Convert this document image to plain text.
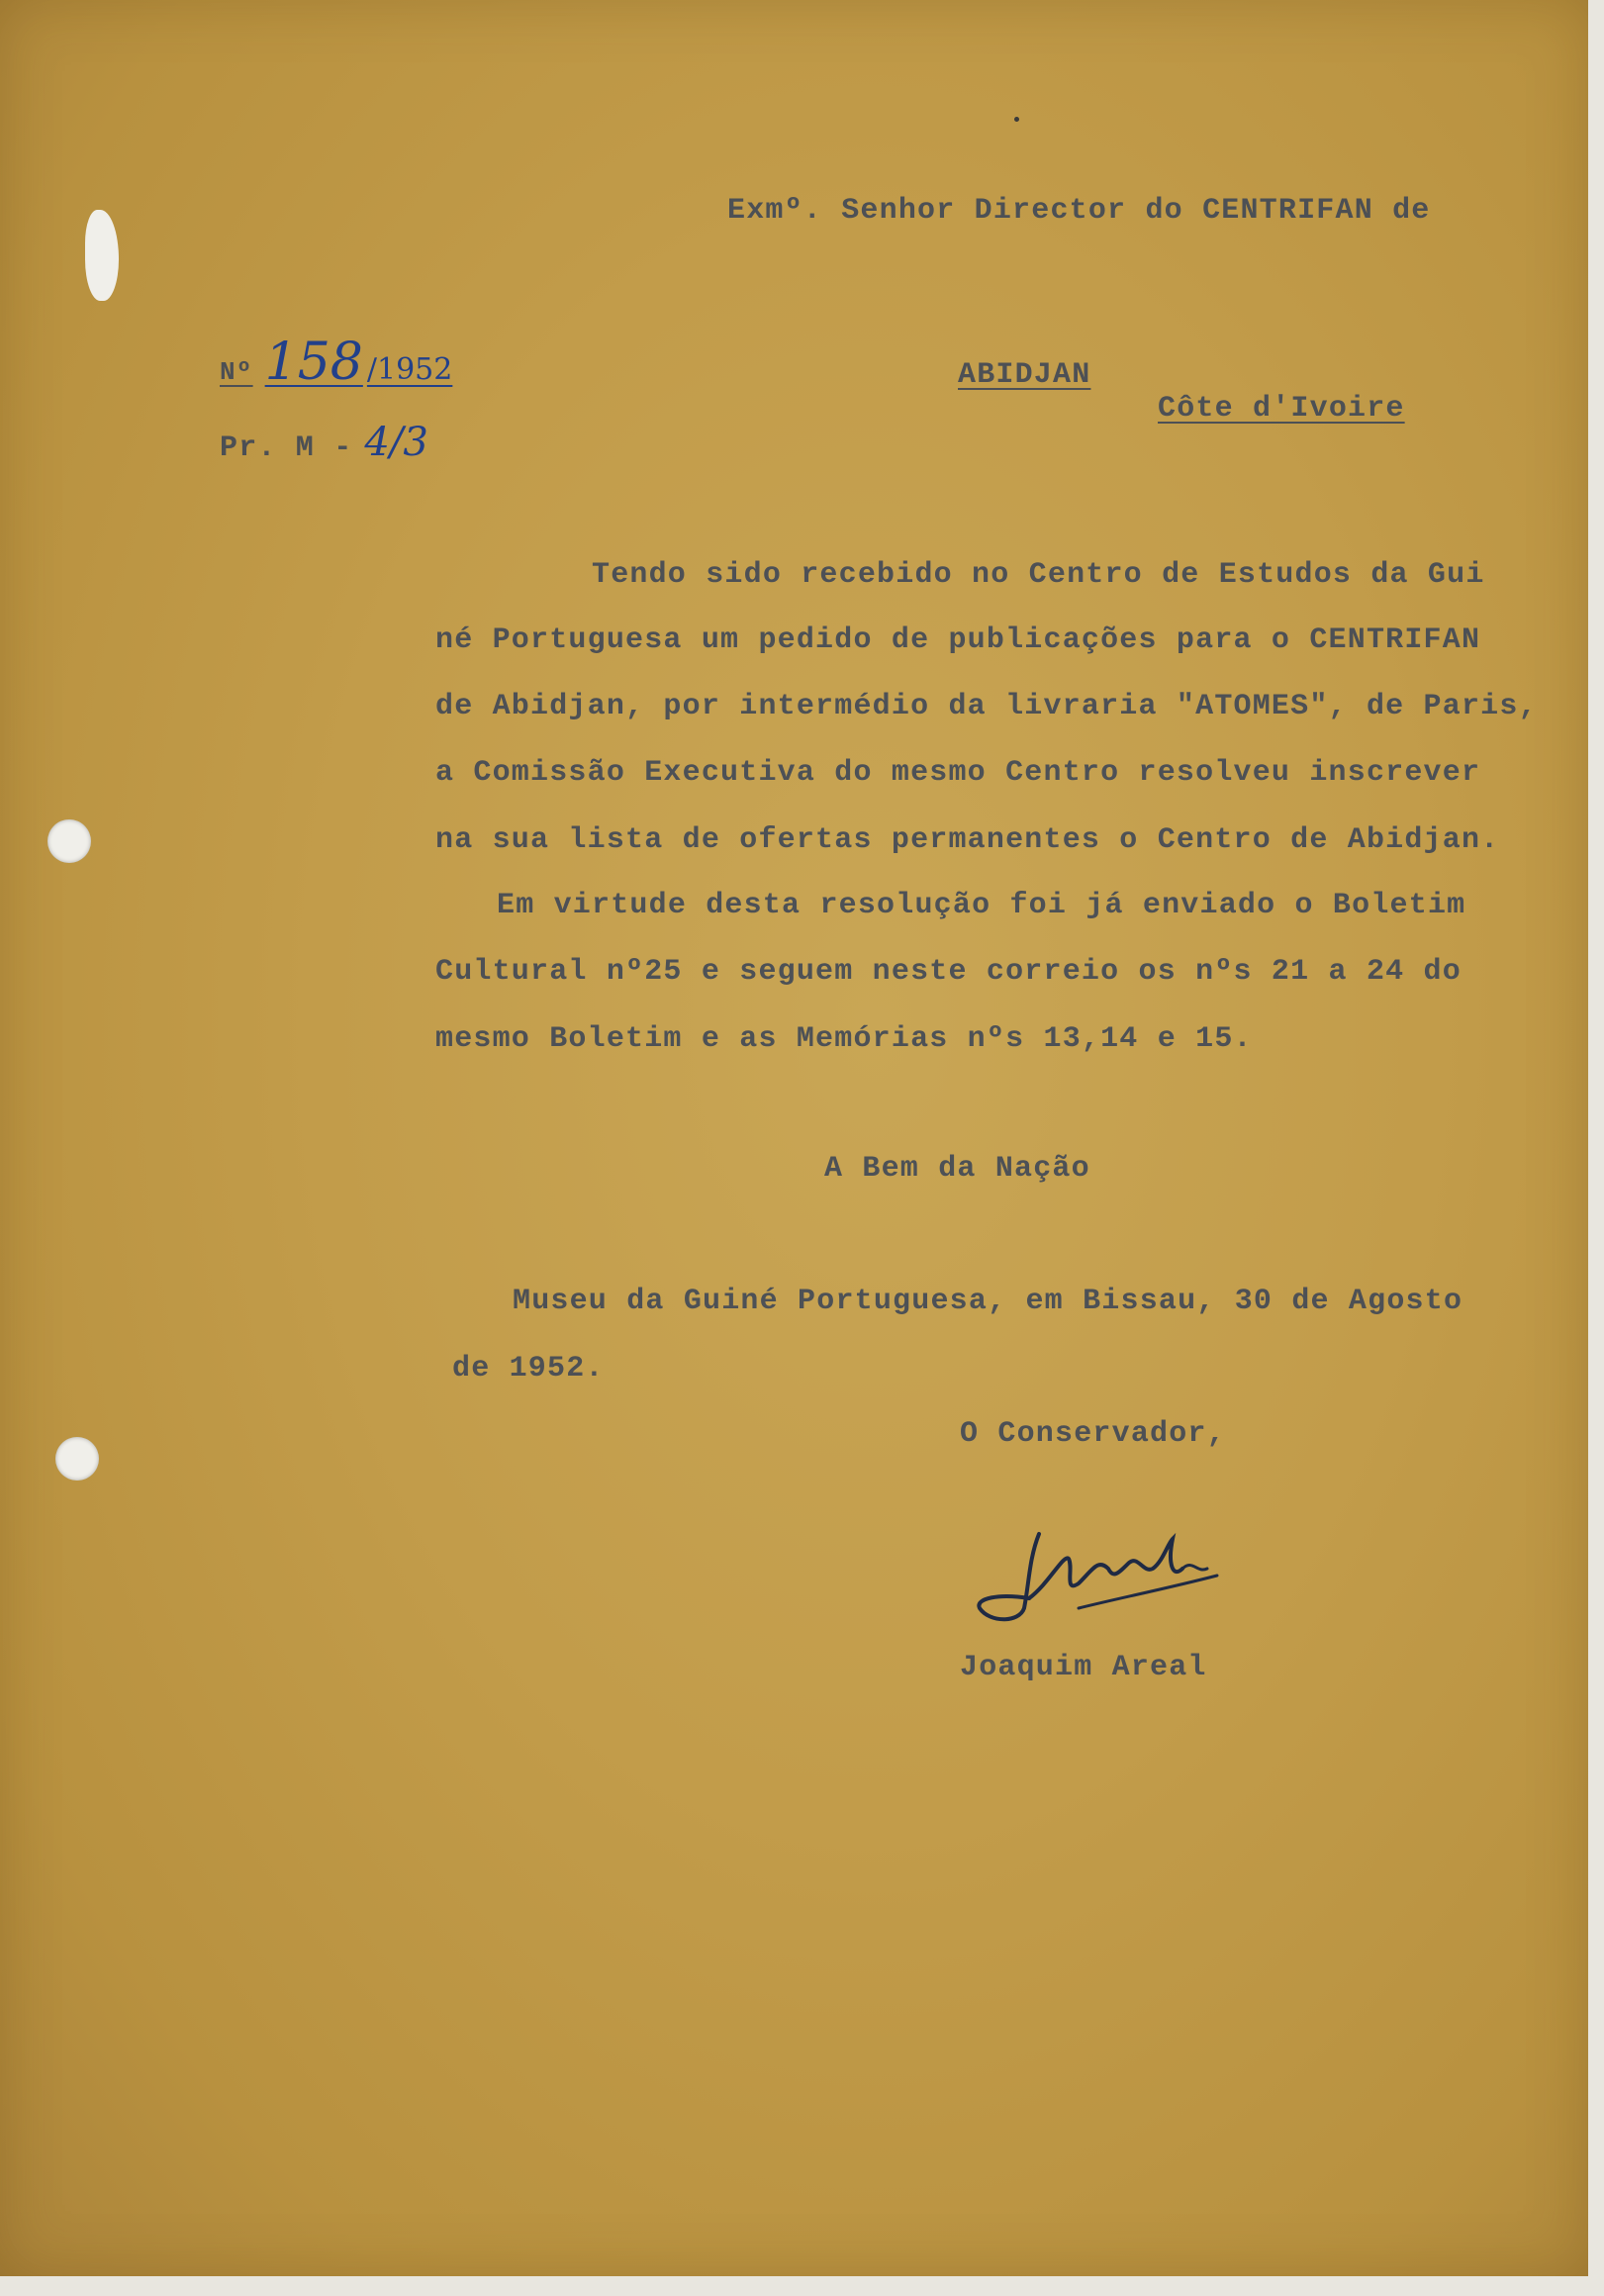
Exmº. Senhor Director do CENTRIFAN de
ABIDJAN
Côte d'Ivoire
Nº 158 /1952
Pr. M - 4/3
Tendo sido recebido no Centro de Estudos da Gui
né Portuguesa um pedido de publicações para o CENTRIFAN
de Abidjan, por intermédio da livraria "ATOMES", de Paris,
a Comissão Executiva do mesmo Centro resolveu inscrever
na sua lista de ofertas permanentes o Centro de Abidjan.
Em virtude desta resolução foi já enviado o Boletim
Cultural nº25 e seguem neste correio os nºs 21 a 24 do
mesmo Boletim e as Memórias nºs 13,14 e 15.
A Bem da Nação
Museu da Guiné Portuguesa, em Bissau, 30 de Agosto
de 1952.
O Conservador,
Joaquim Areal
